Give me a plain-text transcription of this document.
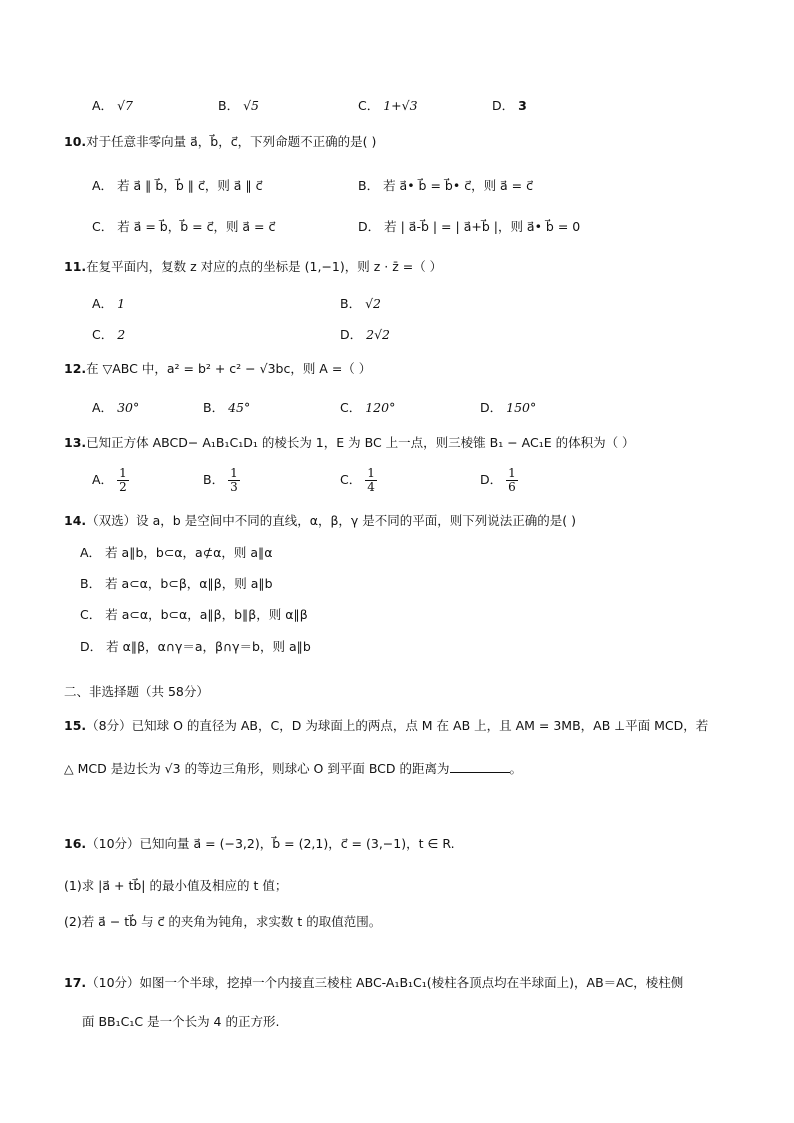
A． √7	B． √5	C． 1+√3	D． 3
10.对于任意非零向量 a⃗，b⃗，c⃗，下列命题不正确的是( )
A． 若 a⃗ ∥ b⃗，b⃗ ∥ c⃗，则 a⃗ ∥ c⃗	B． 若 a⃗• b⃗ = b⃗• c⃗，则 a⃗ = c⃗
C． 若 a⃗ = b⃗，b⃗ = c⃗，则 a⃗ = c⃗	D． 若 | a⃗-b⃗ | = | a⃗+b⃗ |，则 a⃗• b⃗ = 0
11.在复平面内，复数 z 对应的点的坐标是 (1,−1)，则 z · z̄ =（ ）
A． 1	B． √2
C． 2	D． 2√2
12.在 ▽ABC 中，a² = b² + c² − √3bc，则 A =（ ）
A． 30°	B． 45°	C． 120°	D． 150°
13.已知正方体 ABCD− A₁B₁C₁D₁ 的棱长为 1，E 为 BC 上一点，则三棱锥 B₁ − AC₁E 的体积为（ ）
A． $\frac{1}{2}$	B． $\frac{1}{3}$	C． $\frac{1}{4}$	D． $\frac{1}{6}$
14.（双选）设 a，b 是空间中不同的直线，α，β，γ 是不同的平面，则下列说法正确的是( )
A． 若 a∥b，b⊂α，a⊄α，则 a∥α
B． 若 a⊂α，b⊂β，α∥β，则 a∥b
C． 若 a⊂α，b⊂α，a∥β，b∥β，则 α∥β
D． 若 α∥β，α∩γ＝a，β∩γ＝b，则 a∥b
二、非选择题（共 58分）
15.（8分）已知球 O 的直径为 AB，C，D 为球面上的两点，点 M 在 AB 上，且 AM = 3MB，AB ⊥平面 MCD，若
△ MCD 是边长为 √3 的等边三角形，则球心 O 到平面 BCD 的距离为	。
16.（10分）已知向量 a⃗ = (−3,2)，b⃗ = (2,1)，c⃗ = (3,−1)，t ∈ R.
(1)求 |a⃗ + tb⃗| 的最小值及相应的 t 值；
(2)若 a⃗ − tb⃗ 与 c⃗ 的夹角为钝角，求实数 t 的取值范围。
17.（10分）如图一个半球，挖掉一个内接直三棱柱 ABC-A₁B₁C₁(棱柱各顶点均在半球面上)，AB＝AC，棱柱侧
面 BB₁C₁C 是一个长为 4 的正方形.
